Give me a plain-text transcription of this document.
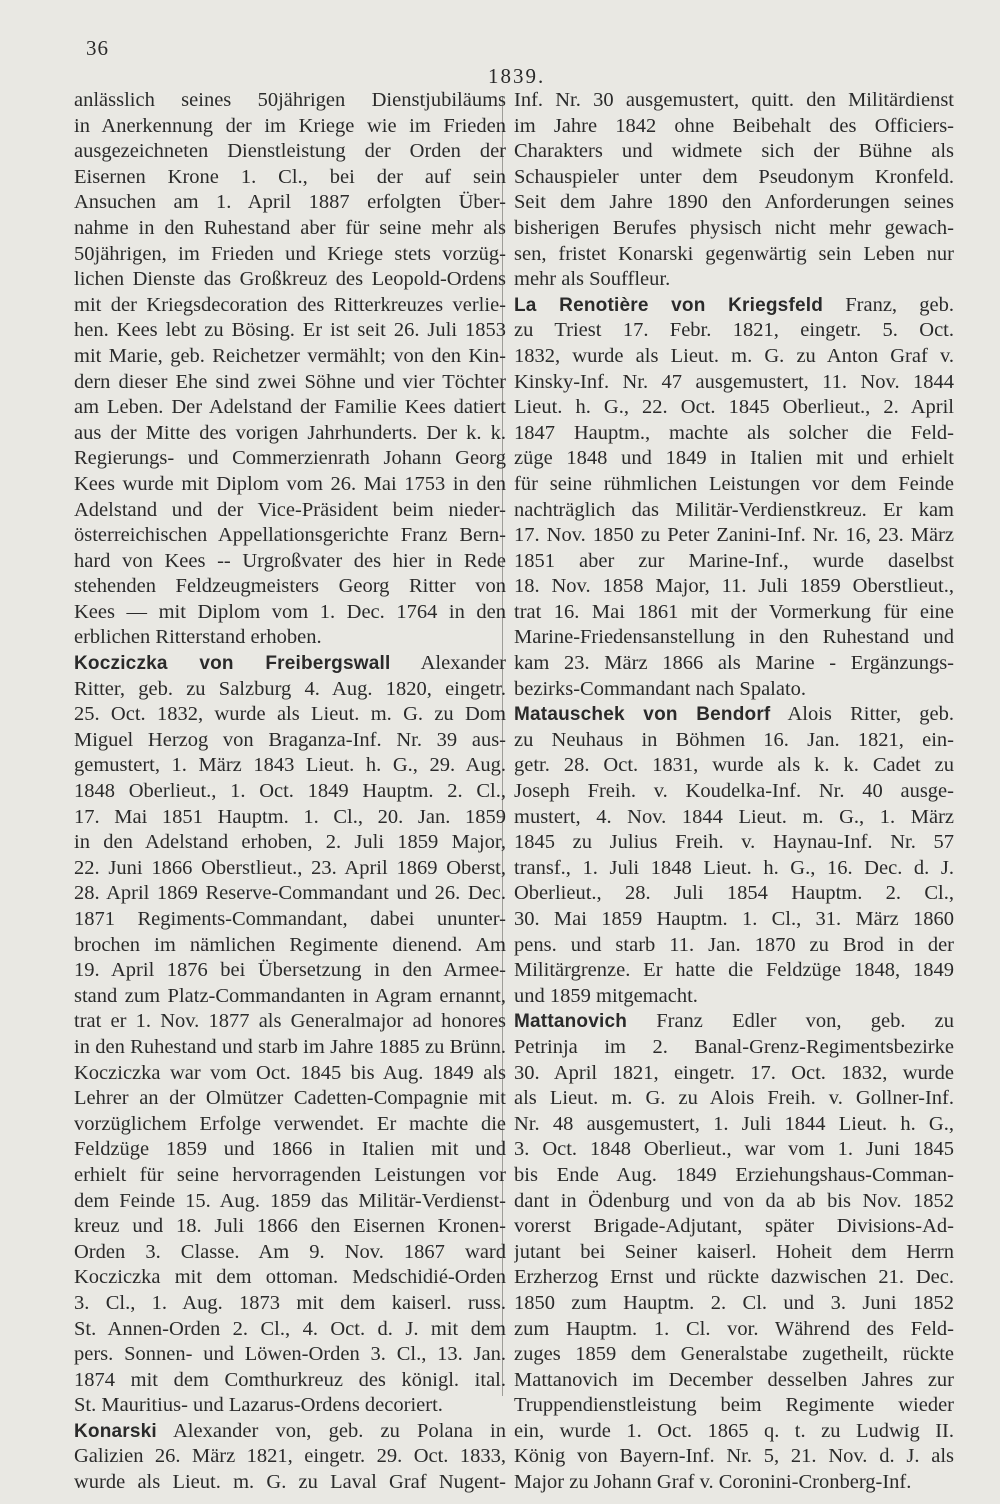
36
1839.
anlässlich seines 50jährigen Dienstjubiläums
in Anerkennung der im Kriege wie im Frieden
ausgezeichneten Dienstleistung der Orden der
Eisernen Krone 1. Cl., bei der auf sein
Ansuchen am 1. April 1887 erfolgten Über-
nahme in den Ruhestand aber für seine mehr als
50jährigen, im Frieden und Kriege stets vorzüg-
lichen Dienste das Großkreuz des Leopold-Ordens
mit der Kriegsdecoration des Ritterkreuzes verlie-
hen. Kees lebt zu Bösing. Er ist seit 26. Juli 1853
mit Marie, geb. Reichetzer vermählt; von den Kin-
dern dieser Ehe sind zwei Söhne und vier Töchter
am Leben. Der Adelstand der Familie Kees datiert
aus der Mitte des vorigen Jahrhunderts. Der k. k.
Regierungs- und Commerzienrath Johann Georg
Kees wurde mit Diplom vom 26. Mai 1753 in den
Adelstand und der Vice-Präsident beim nieder-
österreichischen Appellationsgerichte Franz Bern-
hard von Kees -- Urgroßvater des hier in Rede
stehenden Feldzeugmeisters Georg Ritter von
Kees — mit Diplom vom 1. Dec. 1764 in den
erblichen Ritterstand erhoben.
Kocziczka von Freibergswall Alexander
Ritter, geb. zu Salzburg 4. Aug. 1820, eingetr.
25. Oct. 1832, wurde als Lieut. m. G. zu Dom
Miguel Herzog von Braganza-Inf. Nr. 39 aus-
gemustert, 1. März 1843 Lieut. h. G., 29. Aug.
1848 Oberlieut., 1. Oct. 1849 Hauptm. 2. Cl.,
17. Mai 1851 Hauptm. 1. Cl., 20. Jan. 1859
in den Adelstand erhoben, 2. Juli 1859 Major,
22. Juni 1866 Oberstlieut., 23. April 1869 Oberst,
28. April 1869 Reserve-Commandant und 26. Dec.
1871 Regiments-Commandant, dabei ununter-
brochen im nämlichen Regimente dienend. Am
19. April 1876 bei Übersetzung in den Armee-
stand zum Platz-Commandanten in Agram ernannt,
trat er 1. Nov. 1877 als Generalmajor ad honores
in den Ruhestand und starb im Jahre 1885 zu Brünn.
Kocziczka war vom Oct. 1845 bis Aug. 1849 als
Lehrer an der Olmützer Cadetten-Compagnie mit
vorzüglichem Erfolge verwendet. Er machte die
Feldzüge 1859 und 1866 in Italien mit und
erhielt für seine hervorragenden Leistungen vor
dem Feinde 15. Aug. 1859 das Militär-Verdienst-
kreuz und 18. Juli 1866 den Eisernen Kronen-
Orden 3. Classe. Am 9. Nov. 1867 ward
Kocziczka mit dem ottoman. Medschidié-Orden
3. Cl., 1. Aug. 1873 mit dem kaiserl. russ.
St. Annen-Orden 2. Cl., 4. Oct. d. J. mit dem
pers. Sonnen- und Löwen-Orden 3. Cl., 13. Jan.
1874 mit dem Comthurkreuz des königl. ital.
St. Mauritius- und Lazarus-Ordens decoriert.
Konarski Alexander von, geb. zu Polana in
Galizien 26. März 1821, eingetr. 29. Oct. 1833,
wurde als Lieut. m. G. zu Laval Graf Nugent-
Inf. Nr. 30 ausgemustert, quitt. den Militärdienst
im Jahre 1842 ohne Beibehalt des Officiers-
Charakters und widmete sich der Bühne als
Schauspieler unter dem Pseudonym Kronfeld.
Seit dem Jahre 1890 den Anforderungen seines
bisherigen Berufes physisch nicht mehr gewach-
sen, fristet Konarski gegenwärtig sein Leben nur
mehr als Souffleur.
La Renotière von Kriegsfeld Franz, geb.
zu Triest 17. Febr. 1821, eingetr. 5. Oct.
1832, wurde als Lieut. m. G. zu Anton Graf v.
Kinsky-Inf. Nr. 47 ausgemustert, 11. Nov. 1844
Lieut. h. G., 22. Oct. 1845 Oberlieut., 2. April
1847 Hauptm., machte als solcher die Feld-
züge 1848 und 1849 in Italien mit und erhielt
für seine rühmlichen Leistungen vor dem Feinde
nachträglich das Militär-Verdienstkreuz. Er kam
17. Nov. 1850 zu Peter Zanini-Inf. Nr. 16, 23. März
1851 aber zur Marine-Inf., wurde daselbst
18. Nov. 1858 Major, 11. Juli 1859 Oberstlieut.,
trat 16. Mai 1861 mit der Vormerkung für eine
Marine-Friedensanstellung in den Ruhestand und
kam 23. März 1866 als Marine - Ergänzungs-
bezirks-Commandant nach Spalato.
Matauschek von Bendorf Alois Ritter, geb.
zu Neuhaus in Böhmen 16. Jan. 1821, ein-
getr. 28. Oct. 1831, wurde als k. k. Cadet zu
Joseph Freih. v. Koudelka-Inf. Nr. 40 ausge-
mustert, 4. Nov. 1844 Lieut. m. G., 1. März
1845 zu Julius Freih. v. Haynau-Inf. Nr. 57
transf., 1. Juli 1848 Lieut. h. G., 16. Dec. d. J.
Oberlieut., 28. Juli 1854 Hauptm. 2. Cl.,
30. Mai 1859 Hauptm. 1. Cl., 31. März 1860
pens. und starb 11. Jan. 1870 zu Brod in der
Militärgrenze. Er hatte die Feldzüge 1848, 1849
und 1859 mitgemacht.
Mattanovich Franz Edler von, geb. zu
Petrinja im 2. Banal-Grenz-Regimentsbezirke
30. April 1821, eingetr. 17. Oct. 1832, wurde
als Lieut. m. G. zu Alois Freih. v. Gollner-Inf.
Nr. 48 ausgemustert, 1. Juli 1844 Lieut. h. G.,
3. Oct. 1848 Oberlieut., war vom 1. Juni 1845
bis Ende Aug. 1849 Erziehungshaus-Comman-
dant in Ödenburg und von da ab bis Nov. 1852
vorerst Brigade-Adjutant, später Divisions-Ad-
jutant bei Seiner kaiserl. Hoheit dem Herrn
Erzherzog Ernst und rückte dazwischen 21. Dec.
1850 zum Hauptm. 2. Cl. und 3. Juni 1852
zum Hauptm. 1. Cl. vor. Während des Feld-
zuges 1859 dem Generalstabe zugetheilt, rückte
Mattanovich im December desselben Jahres zur
Truppendienstleistung beim Regimente wieder
ein, wurde 1. Oct. 1865 q. t. zu Ludwig II.
König von Bayern-Inf. Nr. 5, 21. Nov. d. J. als
Major zu Johann Graf v. Coronini-Cronberg-Inf.
